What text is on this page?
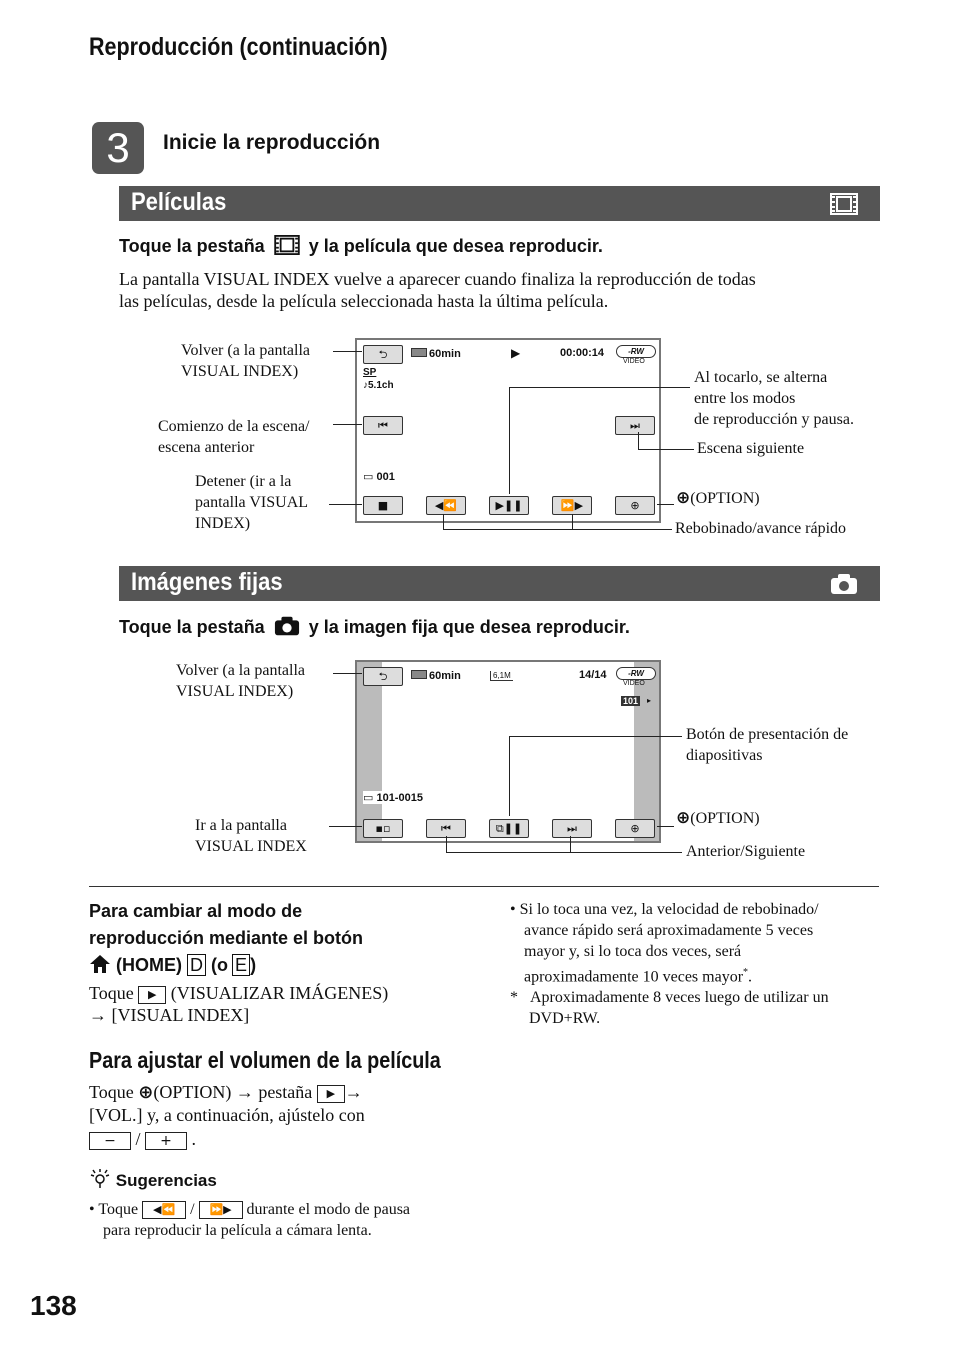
Reproducción (continuación)
3	Inicie la reproducción
Películas
Toque la pestaña y la película que desea reproducir.
La pantalla VISUAL INDEX vuelve a aparecer cuando finaliza la reproducción de todas
las películas, desde la película seleccionada hasta la última película.
⮌	60min	▶	00:00:14	-RW
VIDEO
SP
♪5.1ch
⏮	⏭
▭ 001
■	◀⏪	▶❚❚	⏩▶	⊕
Volver (a la pantalla
VISUAL INDEX)
Comienzo de la escena/
escena anterior
Detener (ir a la
pantalla VISUAL
INDEX)
Al tocarlo, se alterna
entre los modos
de reproducción y pausa.
Escena siguiente
⊕(OPTION)
Rebobinado/avance rápido
Imágenes fijas
Toque la pestaña y la imagen fija que desea reproducir.
⮌	60min	6,1M	14/14	-RW
VIDEO
101 ▸
▭ 101-0015
▪▫	⏮	⧉❚❚	⏭	⊕
Volver (a la pantalla
VISUAL INDEX)
Botón de presentación de
diapositivas
Ir a la pantalla
VISUAL INDEX
⊕(OPTION)
Anterior/Siguiente
Para cambiar al modo de
reproducción mediante el botón
(HOME) D (o E )
Toque ▶ (VISUALIZAR IMÁGENES)
→ [VISUAL INDEX]
Para ajustar el volumen de la película
Toque ⊕(OPTION) → pestaña ▶ →
[VOL.] y, a continuación, ajústelo con
− / + .
Sugerencias
• Toque ◀⏪ / ⏩▶ durante el modo de pausa
para reproducir la película a cámara lenta.
• Si lo toca una vez, la velocidad de rebobinado/
avance rápido será aproximadamente 5 veces
mayor y, si lo toca dos veces, será
aproximadamente 10 veces mayor*.
* Aproximadamente 8 veces luego de utilizar un
DVD+RW.
138
